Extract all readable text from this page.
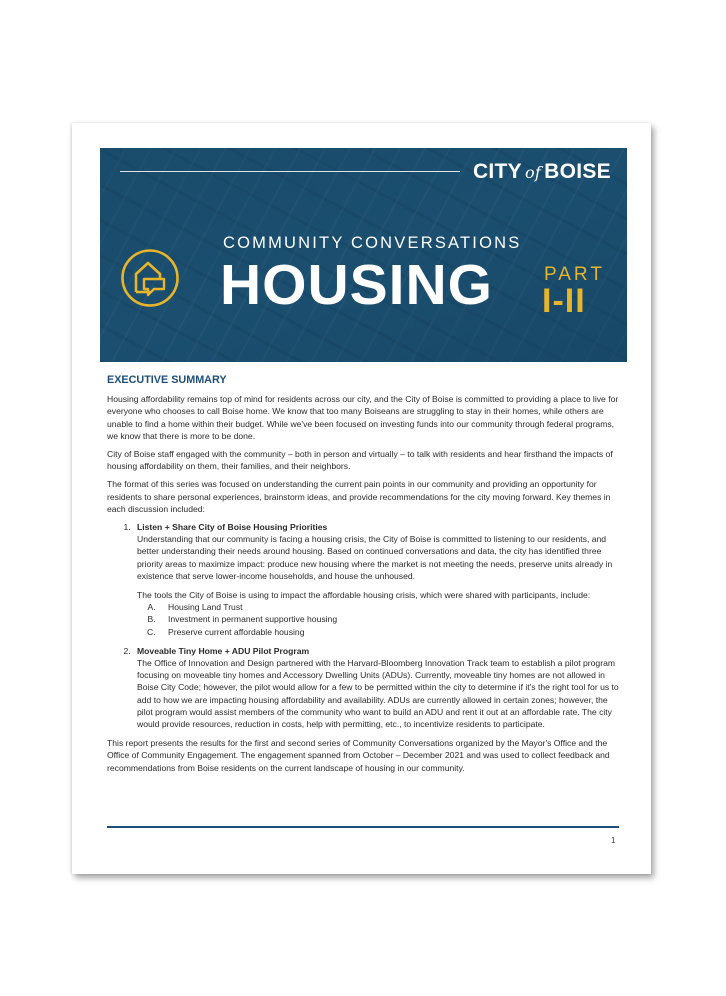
CITY of BOISE
COMMUNITY CONVERSATIONS
HOUSING	PART
I-II
EXECUTIVE SUMMARY

Housing affordability remains top of mind for residents across our city, and the City of Boise is committed to providing a place to live for everyone who chooses to call Boise home. We know that too many Boiseans are struggling to stay in their homes, while others are unable to find a home within their budget. While we've been focused on investing funds into our community through federal programs, we know that there is more to be done.

City of Boise staff engaged with the community – both in person and virtually – to talk with residents and hear firsthand the impacts of housing affordability on them, their families, and their neighbors.

The format of this series was focused on understanding the current pain points in our community and providing an opportunity for residents to share personal experiences, brainstorm ideas, and provide recommendations for the city moving forward. Key themes in each discussion included:

1. Listen + Share City of Boise Housing Priorities

Understanding that our community is facing a housing crisis, the City of Boise is committed to listening to our residents, and better understanding their needs around housing. Based on continued conversations and data, the city has identified three priority areas to maximize impact: produce new housing where the market is not meeting the needs, preserve units already in existence that serve lower-income households, and house the unhoused.

The tools the City of Boise is using to impact the affordable housing crisis, which were shared with participants, include:

A. Housing Land Trust
B. Investment in permanent supportive housing
C. Preserve current affordable housing
2. Moveable Tiny Home + ADU Pilot Program

The Office of Innovation and Design partnered with the Harvard-Bloomberg Innovation Track team to establish a pilot program focusing on moveable tiny homes and Accessory Dwelling Units (ADUs). Currently, moveable tiny homes are not allowed in Boise City Code; however, the pilot would allow for a few to be permitted within the city to determine if it's the right tool for us to add to how we are impacting housing affordability and availability. ADUs are currently allowed in certain zones; however, the pilot program would assist members of the community who want to build an ADU and rent it out at an affordable rate. The city would provide resources, reduction in costs, help with permitting, etc., to incentivize residents to participate.

This report presents the results for the first and second series of Community Conversations organized by the Mayor's Office and the Office of Community Engagement. The engagement spanned from October – December 2021 and was used to collect feedback and recommendations from Boise residents on the current landscape of housing in our community.

1
